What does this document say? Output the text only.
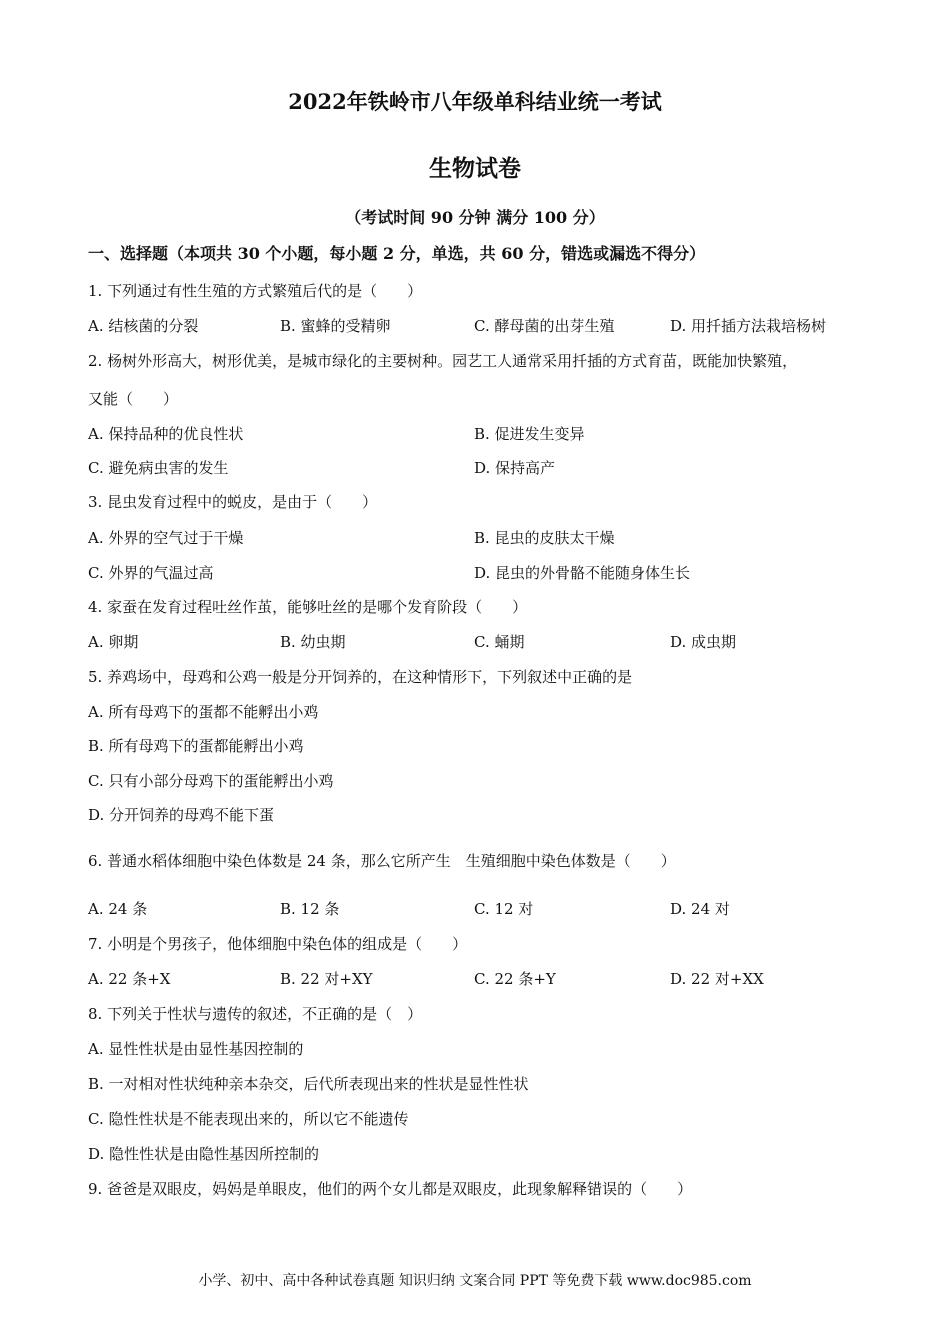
2022年铁岭市八年级单科结业统一考试
生物试卷
（考试时间 90 分钟 满分 100 分）
一、选择题（本项共 30 个小题，每小题 2 分，单选，共 60 分，错选或漏选不得分）
1. 下列通过有性生殖的方式繁殖后代的是（　　）
A. 结核菌的分裂	B. 蜜蜂的受精卵	C. 酵母菌的出芽生殖	D. 用扦插方法栽培杨树
2. 杨树外形高大，树形优美，是城市绿化的主要树种。园艺工人通常采用扦插的方式育苗，既能加快繁殖，
又能（　　）
A. 保持品种的优良性状	B. 促进发生变异
C. 避免病虫害的发生	D. 保持高产
3. 昆虫发育过程中的蜕皮，是由于（　　）
A. 外界的空气过于干燥	B. 昆虫的皮肤太干燥
C. 外界的气温过高	D. 昆虫的外骨骼不能随身体生长
4. 家蚕在发育过程吐丝作茧，能够吐丝的是哪个发育阶段（　　）
A. 卵期	B. 幼虫期	C. 蛹期	D. 成虫期
5. 养鸡场中，母鸡和公鸡一般是分开饲养的，在这种情形下，下列叙述中正确的是
A. 所有母鸡下的蛋都不能孵出小鸡
B. 所有母鸡下的蛋都能孵出小鸡
C. 只有小部分母鸡下的蛋能孵出小鸡
D. 分开饲养的母鸡不能下蛋
6. 普通水稻体细胞中染色体数是 24 条，那么它所产生　生殖细胞中染色体数是（　　）
A. 24 条	B. 12 条	C. 12 对	D. 24 对
7. 小明是个男孩子，他体细胞中染色体的组成是（　　）
A. 22 条+X	B. 22 对+XY	C. 22 条+Y	D. 22 对+XX
8. 下列关于性状与遗传的叙述，不正确的是（　）
A. 显性性状是由显性基因控制的
B. 一对相对性状纯种亲本杂交，后代所表现出来的性状是显性性状
C. 隐性性状是不能表现出来的，所以它不能遗传
D. 隐性性状是由隐性基因所控制的
9. 爸爸是双眼皮，妈妈是单眼皮，他们的两个女儿都是双眼皮，此现象解释错误的（　　）
小学、初中、高中各种试卷真题 知识归纳 文案合同 PPT 等免费下载 www.doc985.com
